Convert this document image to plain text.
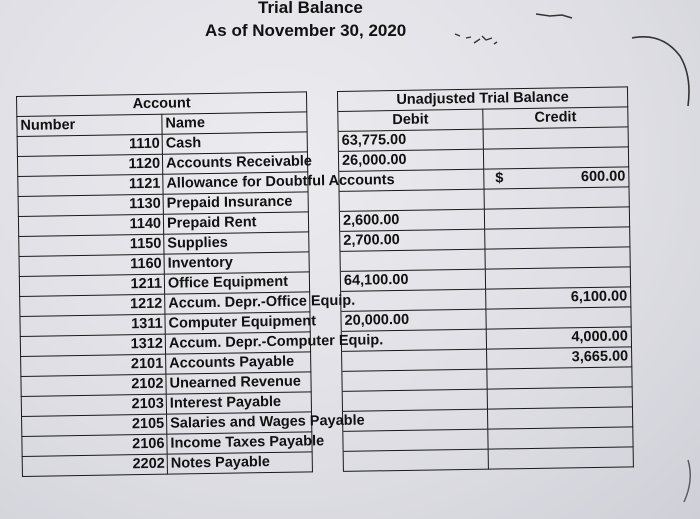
Trial Balance
As of November 30, 2020
Account			Unadjusted Trial Balance	
Number	Name		Debit	Credit
1110	Cash		63,775.00	
1120	Accounts Receivable		26,000.00	
1121	Allowance for Doubtful Accounts			$ 600.00
1130	Prepaid Insurance			
1140	Prepaid Rent		2,600.00	
1150	Supplies		2,700.00	
1160	Inventory			
1211	Office Equipment		64,100.00	
1212	Accum. Depr.-Office Equip.			6,100.00
1311	Computer Equipment		20,000.00	
1312	Accum. Depr.-Computer Equip.			4,000.00
2101	Accounts Payable			3,665.00
2102	Unearned Revenue			
2103	Interest Payable			
2105	Salaries and Wages Payable			
2106	Income Taxes Payable			
2202	Notes Payable			
